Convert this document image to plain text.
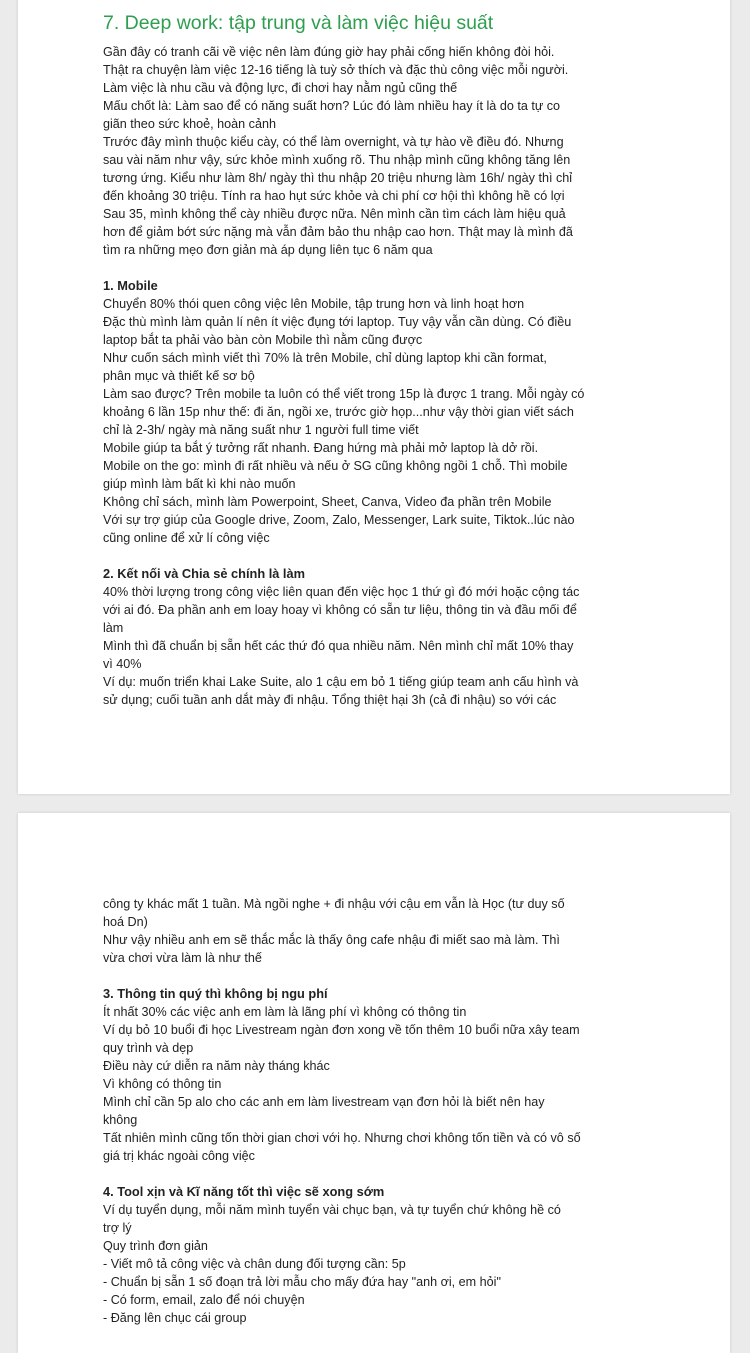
7. Deep work: tập trung và làm việc hiệu suất
Gần đây có tranh cãi về việc nên làm đúng giờ hay phải cống hiến không đòi hỏi.
Thật ra chuyện làm việc 12-16 tiếng là tuỳ sở thích và đặc thù công việc mỗi người.
Làm việc là nhu cầu và động lực, đi chơi hay nằm ngủ cũng thế
Mấu chốt là: Làm sao để có năng suất hơn? Lúc đó làm nhiều hay ít là do ta tự co
giãn theo sức khoẻ, hoàn cảnh
Trước đây mình thuộc kiểu cày, có thể làm overnight, và tự hào về điều đó. Nhưng
sau vài năm như vậy, sức khỏe mình xuống rõ. Thu nhập mình cũng không tăng lên
tương ứng. Kiểu như làm 8h/ ngày thì thu nhập 20 triệu nhưng làm 16h/ ngày thì chỉ
đến khoảng 30 triệu. Tính ra hao hụt sức khỏe và chi phí cơ hội thì không hề có lợi
Sau 35, mình không thể cày nhiều được nữa. Nên mình cần tìm cách làm hiệu quả
hơn để giảm bớt sức nặng mà vẫn đảm bảo thu nhập cao hơn. Thật may là mình đã
tìm ra những mẹo đơn giản mà áp dụng liên tục 6 năm qua
1. Mobile
Chuyển 80% thói quen công việc lên Mobile, tập trung hơn và linh hoạt hơn
Đặc thù mình làm quản lí nên ít việc đụng tới laptop. Tuy vậy vẫn cần dùng. Có điều
laptop bắt ta phải vào bàn còn Mobile thì nằm cũng được
Như cuốn sách mình viết thì 70% là trên Mobile, chỉ dùng laptop khi cần format,
phân mục và thiết kế sơ bộ
Làm sao được? Trên mobile ta luôn có thể viết trong 15p là được 1 trang. Mỗi ngày có
khoảng 6 lần 15p như thế: đi ăn, ngồi xe, trước giờ họp...như vậy thời gian viết sách
chỉ là 2-3h/ ngày mà năng suất như 1 người full time viết
Mobile giúp ta bắt ý tưởng rất nhanh. Đang hứng mà phải mở laptop là dở rồi.
Mobile on the go: mình đi rất nhiều và nếu ở SG cũng không ngồi 1 chỗ. Thì mobile
giúp mình làm bất kì khi nào muốn
Không chỉ sách, mình làm Powerpoint, Sheet, Canva, Video đa phần trên Mobile
Với sự trợ giúp của Google drive, Zoom, Zalo, Messenger, Lark suite, Tiktok..lúc nào
cũng online để xử lí công việc
2. Kết nối và Chia sẻ chính là làm
40% thời lượng trong công việc liên quan đến việc học 1 thứ gì đó mới hoặc cộng tác
với ai đó. Đa phần anh em loay hoay vì không có sẵn tư liệu, thông tin và đầu mối để
làm
Mình thì đã chuẩn bị sẵn hết các thứ đó qua nhiều năm. Nên mình chỉ mất 10% thay
vì 40%
Ví dụ: muốn triển khai Lake Suite, alo 1 cậu em bỏ 1 tiếng giúp team anh cấu hình và
sử dụng; cuối tuần anh dắt mày đi nhậu. Tổng thiệt hại 3h (cả đi nhậu) so với các
công ty khác mất 1 tuần. Mà ngồi nghe + đi nhậu với cậu em vẫn là Học (tư duy số
hoá Dn)
Như vậy nhiều anh em sẽ thắc mắc là thấy ông cafe nhậu đi miết sao mà làm. Thì
vừa chơi vừa làm là như thế
3. Thông tin quý thì không bị ngu phí
Ít nhất 30% các việc anh em làm là lãng phí vì không có thông tin
Ví dụ bỏ 10 buổi đi học Livestream ngàn đơn xong về tốn thêm 10 buổi nữa xây team
quy trình và dẹp
Điều này cứ diễn ra năm này tháng khác
Vì không có thông tin
Mình chỉ cần 5p alo cho các anh em làm livestream vạn đơn hỏi là biết nên hay
không
Tất nhiên mình cũng tốn thời gian chơi với họ. Nhưng chơi không tốn tiền và có vô số
giá trị khác ngoài công việc
4. Tool xịn và Kĩ năng tốt thì việc sẽ xong sớm
Ví dụ tuyển dụng, mỗi năm mình tuyển vài chục bạn, và tự tuyển chứ không hề có
trợ lý
Quy trình đơn giản
- Viết mô tả công việc và chân dung đối tượng cần: 5p
- Chuẩn bị sẵn 1 số đoạn trả lời mẫu cho mấy đứa hay "anh ơi, em hỏi"
- Có form, email, zalo để nói chuyện
- Đăng lên chục cái group
